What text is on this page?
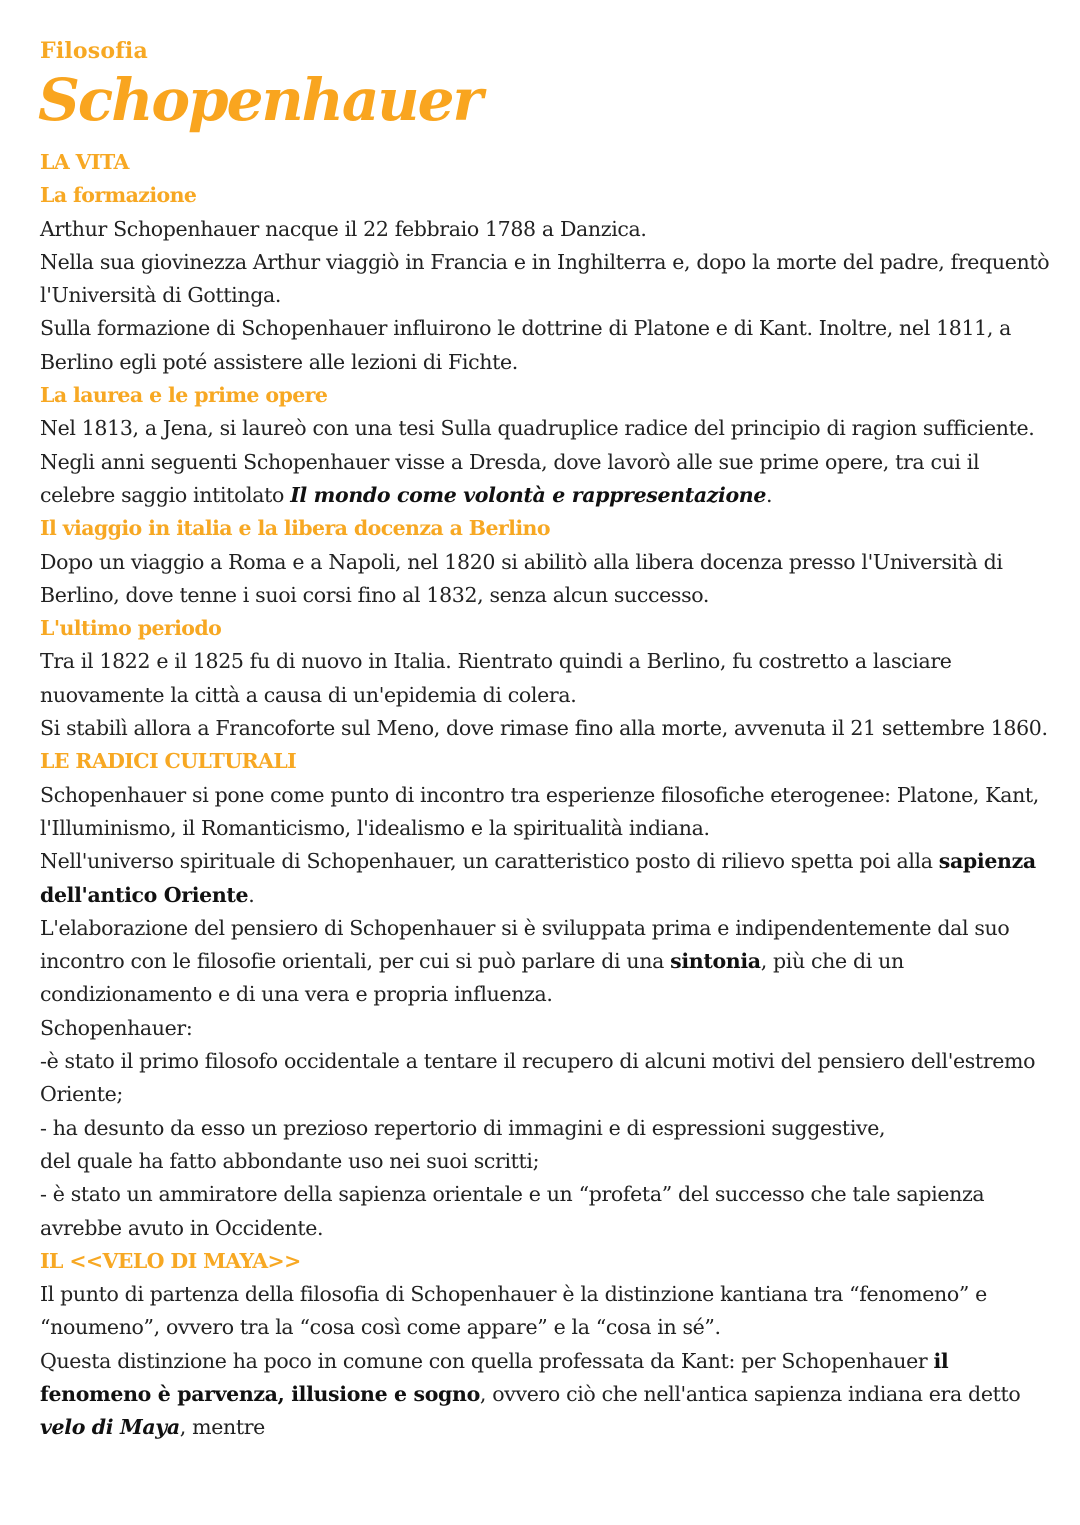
Filosofia
Schopenhauer

LA VITA

La formazione

Arthur Schopenhauer nacque il 22 febbraio 1788 a Danzica.

Nella sua giovinezza Arthur viaggiò in Francia e in Inghilterra e, dopo la morte del padre, frequentò l'Università di Gottinga.

Sulla formazione di Schopenhauer influirono le dottrine di Platone e di Kant. Inoltre, nel 1811, a Berlino egli poté assistere alle lezioni di Fichte.

La laurea e le prime opere

Nel 1813, a Jena, si laureò con una tesi Sulla quadruplice radice del principio di ragion sufficiente.

Negli anni seguenti Schopenhauer visse a Dresda, dove lavorò alle sue prime opere, tra cui il celebre saggio intitolato Il mondo come volontà e rappresentazione.

Il viaggio in italia e la libera docenza a Berlino

Dopo un viaggio a Roma e a Napoli, nel 1820 si abilitò alla libera docenza presso l'Università di Berlino, dove tenne i suoi corsi fino al 1832, senza alcun successo.

L'ultimo periodo

Tra il 1822 e il 1825 fu di nuovo in Italia. Rientrato quindi a Berlino, fu costretto a lasciare nuovamente la città a causa di un'epidemia di colera.

Si stabilì allora a Francoforte sul Meno, dove rimase fino alla morte, avvenuta il 21 settembre 1860.

LE RADICI CULTURALI

Schopenhauer si pone come punto di incontro tra esperienze filosofiche eterogenee: Platone, Kant, l'Illuminismo, il Romanticismo, l'idealismo e la spiritualità indiana.

Nell'universo spirituale di Schopenhauer, un caratteristico posto di rilievo spetta poi alla sapienza dell'antico Oriente.

L'elaborazione del pensiero di Schopenhauer si è sviluppata prima e indipendentemente dal suo incontro con le filosofie orientali, per cui si può parlare di una sintonia, più che di un condizionamento e di una vera e propria influenza.

Schopenhauer:

-è stato il primo filosofo occidentale a tentare il recupero di alcuni motivi del pensiero dell'estremo Oriente;

- ha desunto da esso un prezioso repertorio di immagini e di espressioni suggestive,

del quale ha fatto abbondante uso nei suoi scritti;

- è stato un ammiratore della sapienza orientale e un “profeta” del successo che tale sapienza avrebbe avuto in Occidente.

IL <<VELO DI MAYA>>

Il punto di partenza della filosofia di Schopenhauer è la distinzione kantiana tra “fenomeno” e “noumeno”, ovvero tra la “cosa così come appare” e la “cosa in sé”.

Questa distinzione ha poco in comune con quella professata da Kant: per Schopenhauer il fenomeno è parvenza, illusione e sogno, ovvero ciò che nell'antica sapienza indiana era detto velo di Maya, mentre
